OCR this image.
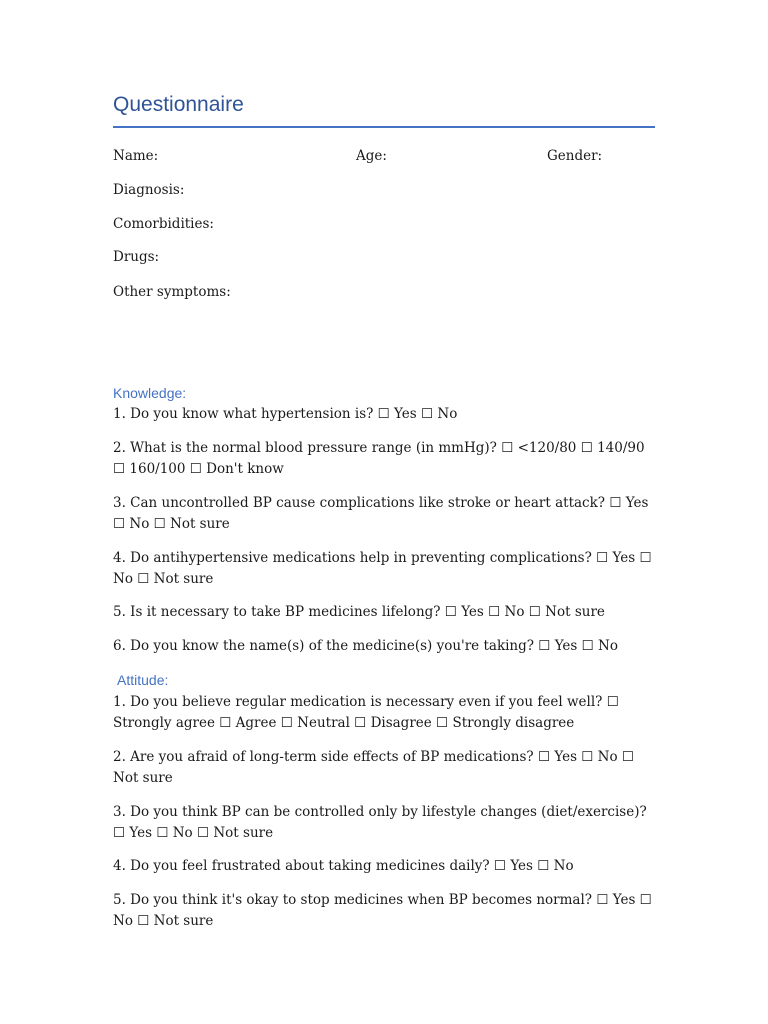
Questionnaire
Name:	Age:	Gender:
Diagnosis:
Comorbidities:
Drugs:
Other symptoms:
Knowledge:
1. Do you know what hypertension is? ☐ Yes ☐ No
2. What is the normal blood pressure range (in mmHg)? ☐ <120/80 ☐ 140/90 ☐ 160/100 ☐ Don't know
3. Can uncontrolled BP cause complications like stroke or heart attack? ☐ Yes ☐ No ☐ Not sure
4. Do antihypertensive medications help in preventing complications? ☐ Yes ☐ No ☐ Not sure
5. Is it necessary to take BP medicines lifelong? ☐ Yes ☐ No ☐ Not sure
6. Do you know the name(s) of the medicine(s) you're taking? ☐ Yes ☐ No
Attitude:
1. Do you believe regular medication is necessary even if you feel well? ☐ Strongly agree ☐ Agree ☐ Neutral ☐ Disagree ☐ Strongly disagree
2. Are you afraid of long-term side effects of BP medications? ☐ Yes ☐ No ☐ Not sure
3. Do you think BP can be controlled only by lifestyle changes (diet/exercise)? ☐ Yes ☐ No ☐ Not sure
4. Do you feel frustrated about taking medicines daily? ☐ Yes ☐ No
5. Do you think it's okay to stop medicines when BP becomes normal? ☐ Yes ☐ No ☐ Not sure
